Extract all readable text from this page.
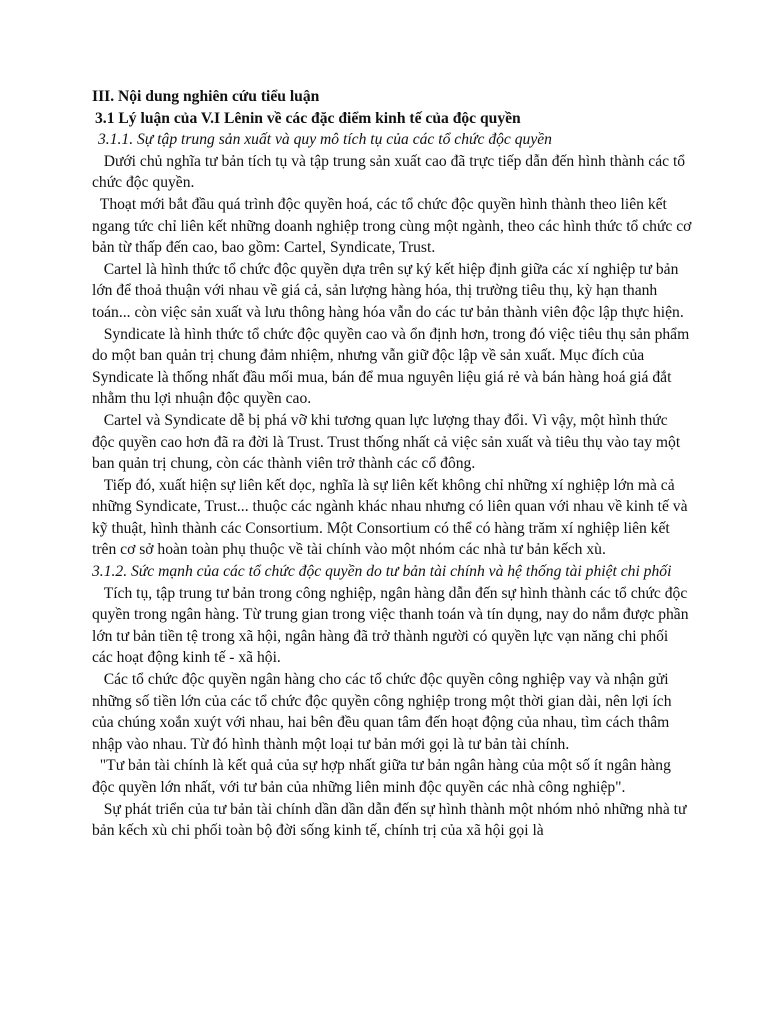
III. Nội dung nghiên cứu tiểu luận

3.1 Lý luận của V.I Lênin về các đặc điểm kinh tế của độc quyền

3.1.1. Sự tập trung sản xuất và quy mô tích tụ của các tổ chức độc quyền

Dưới chủ nghĩa tư bản tích tụ và tập trung sản xuất cao đã trực tiếp dẫn đến hình thành các tổ chức độc quyền.

Thoạt mới bắt đầu quá trình độc quyền hoá, các tổ chức độc quyền hình thành theo liên kết ngang tức chỉ liên kết những doanh nghiệp trong cùng một ngành, theo các hình thức tổ chức cơ bản từ thấp đến cao, bao gồm: Cartel, Syndicate, Trust.

Cartel là hình thức tổ chức độc quyền dựa trên sự ký kết hiệp định giữa các xí nghiệp tư bản lớn để thoả thuận với nhau về giá cả, sản lượng hàng hóa, thị trường tiêu thụ, kỳ hạn thanh toán... còn việc sản xuất và lưu thông hàng hóa vẫn do các tư bản thành viên độc lập thực hiện.

Syndicate là hình thức tổ chức độc quyền cao và ổn định hơn, trong đó việc tiêu thụ sản phẩm do một ban quản trị chung đảm nhiệm, nhưng vẫn giữ độc lập về sản xuất. Mục đích của Syndicate là thống nhất đầu mối mua, bán để mua nguyên liệu giá rẻ và bán hàng hoá giá đắt nhằm thu lợi nhuận độc quyền cao.

Cartel và Syndicate dễ bị phá vỡ khi tương quan lực lượng thay đổi. Vì vậy, một hình thức độc quyền cao hơn đã ra đời là Trust. Trust thống nhất cả việc sản xuất và tiêu thụ vào tay một ban quản trị chung, còn các thành viên trở thành các cổ đông.

Tiếp đó, xuất hiện sự liên kết dọc, nghĩa là sự liên kết không chỉ những xí nghiệp lớn mà cả những Syndicate, Trust... thuộc các ngành khác nhau nhưng có liên quan với nhau về kinh tế và kỹ thuật, hình thành các Consortium. Một Consortium có thể có hàng trăm xí nghiệp liên kết trên cơ sở hoàn toàn phụ thuộc về tài chính vào một nhóm các nhà tư bản kếch xù.

3.1.2. Sức mạnh của các tổ chức độc quyền do tư bản tài chính và hệ thống tài phiệt chi phối

Tích tụ, tập trung tư bản trong công nghiệp, ngân hàng dẫn đến sự hình thành các tổ chức độc quyền trong ngân hàng. Từ trung gian trong việc thanh toán và tín dụng, nay do nắm được phần lớn tư bản tiền tệ trong xã hội, ngân hàng đã trở thành người có quyền lực vạn năng chi phối các hoạt động kinh tế - xã hội.

Các tổ chức độc quyền ngân hàng cho các tổ chức độc quyền công nghiệp vay và nhận gửi những số tiền lớn của các tổ chức độc quyền công nghiệp trong một thời gian dài, nên lợi ích của chúng xoắn xuýt với nhau, hai bên đều quan tâm đến hoạt động của nhau, tìm cách thâm nhập vào nhau. Từ đó hình thành một loại tư bản mới gọi là tư bản tài chính.

"Tư bản tài chính là kết quả của sự hợp nhất giữa tư bản ngân hàng của một số ít ngân hàng độc quyền lớn nhất, với tư bản của những liên minh độc quyền các nhà công nghiệp".

Sự phát triển của tư bản tài chính dần dần dẫn đến sự hình thành một nhóm nhỏ những nhà tư bản kếch xù chi phối toàn bộ đời sống kinh tế, chính trị của xã hội gọi là
